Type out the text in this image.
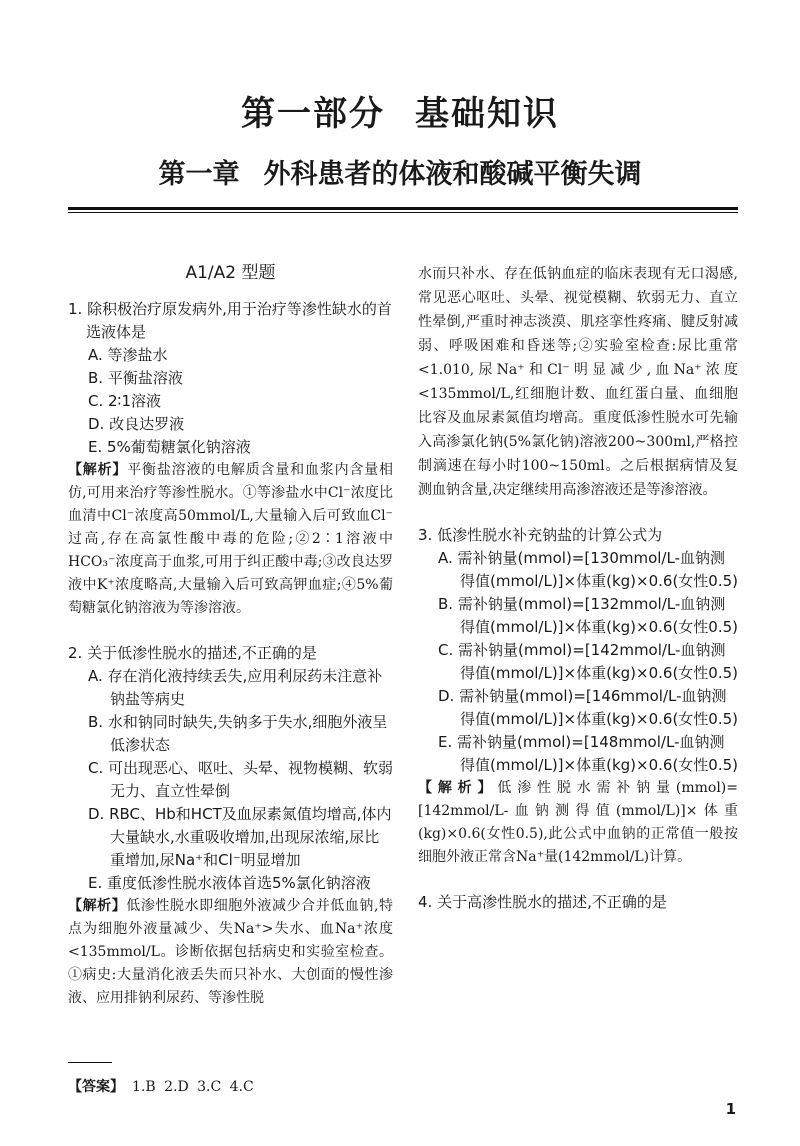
第一部分 基础知识
第一章 外科患者的体液和酸碱平衡失调
A1/A2 型题
1. 除积极治疗原发病外,用于治疗等渗性缺水的首选液体是
A. 等渗盐水
B. 平衡盐溶液
C. 2∶1溶液
D. 改良达罗液
E. 5%葡萄糖氯化钠溶液
【解析】平衡盐溶液的电解质含量和血浆内含量相仿,可用来治疗等渗性脱水。①等渗盐水中Cl⁻浓度比血清中Cl⁻浓度高50mmol/L,大量输入后可致血Cl⁻过高,存在高氯性酸中毒的危险;②2∶1溶液中HCO₃⁻浓度高于血浆,可用于纠正酸中毒;③改良达罗液中K⁺浓度略高,大量输入后可致高钾血症;④5%葡萄糖氯化钠溶液为等渗溶液。
2. 关于低渗性脱水的描述,不正确的是
A. 存在消化液持续丢失,应用利尿药未注意补钠盐等病史
B. 水和钠同时缺失,失钠多于失水,细胞外液呈低渗状态
C. 可出现恶心、呕吐、头晕、视物模糊、软弱无力、直立性晕倒
D. RBC、Hb和HCT及血尿素氮值均增高,体内大量缺水,水重吸收增加,出现尿浓缩,尿比重增加,尿Na⁺和Cl⁻明显增加
E. 重度低渗性脱水液体首选5%氯化钠溶液
【解析】低渗性脱水即细胞外液减少合并低血钠,特点为细胞外液量减少、失Na⁺>失水、血Na⁺浓度<135mmol/L。诊断依据包括病史和实验室检查。①病史:大量消化液丢失而只补水、大创面的慢性渗液、应用排钠利尿药、等渗性脱
水而只补水、存在低钠血症的临床表现有无口渴感,常见恶心呕吐、头晕、视觉模糊、软弱无力、直立性晕倒,严重时神志淡漠、肌痉挛性疼痛、腱反射减弱、呼吸困难和昏迷等;②实验室检查:尿比重常<1.010,尿Na⁺和Cl⁻明显减少,血Na⁺浓度<135mmol/L,红细胞计数、血红蛋白量、血细胞比容及血尿素氮值均增高。重度低渗性脱水可先输入高渗氯化钠(5%氯化钠)溶液200~300ml,严格控制滴速在每小时100~150ml。之后根据病情及复测血钠含量,决定继续用高渗溶液还是等渗溶液。
3. 低渗性脱水补充钠盐的计算公式为
A. 需补钠量(mmol)=[130mmol/L-血钠测得值(mmol/L)]×体重(kg)×0.6(女性0.5)
B. 需补钠量(mmol)=[132mmol/L-血钠测得值(mmol/L)]×体重(kg)×0.6(女性0.5)
C. 需补钠量(mmol)=[142mmol/L-血钠测得值(mmol/L)]×体重(kg)×0.6(女性0.5)
D. 需补钠量(mmol)=[146mmol/L-血钠测得值(mmol/L)]×体重(kg)×0.6(女性0.5)
E. 需补钠量(mmol)=[148mmol/L-血钠测得值(mmol/L)]×体重(kg)×0.6(女性0.5)
【解析】低渗性脱水需补钠量(mmol)=[142mmol/L-血钠测得值(mmol/L)]×体重(kg)×0.6(女性0.5),此公式中血钠的正常值一般按细胞外液正常含Na⁺量(142mmol/L)计算。
4. 关于高渗性脱水的描述,不正确的是
【答案】 1.B 2.D 3.C 4.C
1
